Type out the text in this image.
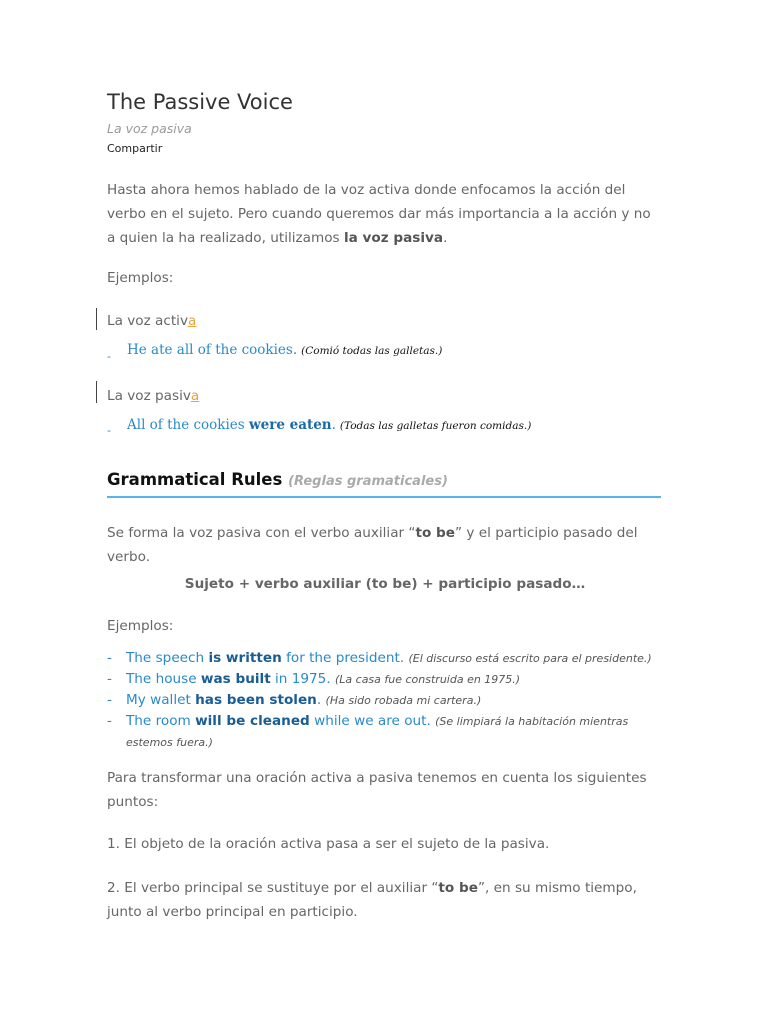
The Passive Voice
La voz pasiva
Compartir
Hasta ahora hemos hablado de la voz activa donde enfocamos la acción del verbo en el sujeto. Pero cuando queremos dar más importancia a la acción y no a quien la ha realizado, utilizamos la voz pasiva.
Ejemplos:
La voz activa
- He ate all of the cookies. (Comió todas las galletas.)
La voz pasiva
- All of the cookies were eaten. (Todas las galletas fueron comidas.)
Grammatical Rules (Reglas gramaticales)
Se forma la voz pasiva con el verbo auxiliar “to be” y el participio pasado del verbo.
Sujeto + verbo auxiliar (to be) + participio pasado…
Ejemplos:
- The speech is written for the president. (El discurso está escrito para el presidente.)
- The house was built in 1975. (La casa fue construida en 1975.)
- My wallet has been stolen. (Ha sido robada mi cartera.)
- The room will be cleaned while we are out. (Se limpiará la habitación mientras estemos fuera.)
Para transformar una oración activa a pasiva tenemos en cuenta los siguientes puntos:
1. El objeto de la oración activa pasa a ser el sujeto de la pasiva.
2. El verbo principal se sustituye por el auxiliar “to be”, en su mismo tiempo, junto al verbo principal en participio.
